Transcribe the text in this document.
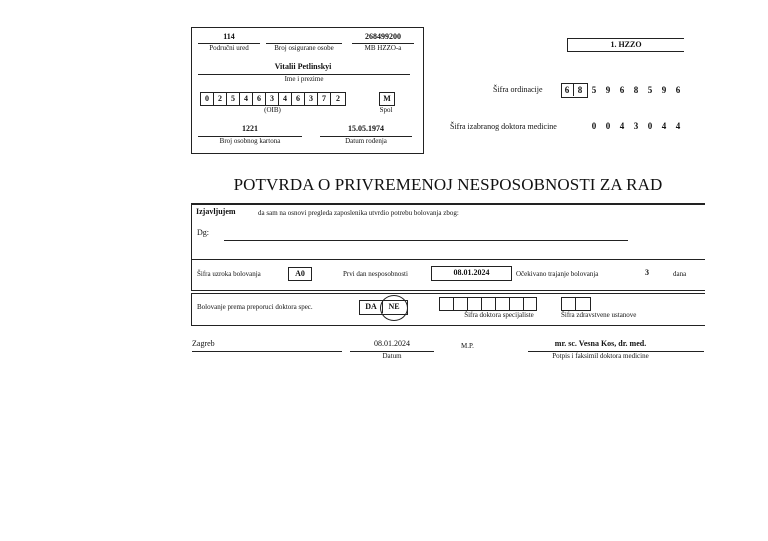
114
Područni ured	Broj osiguranе osobe
268499200
MB HZZO-a
Vitalii Petlinskyi
Ime i prezime
0	2	5	4	6	3	4	6	3	7	2
(OIB)
M
Spol
1221
Broj osobnog kartona
15.05.1974
Datum rođenja
1. HZZO
Šifra ordinacije	6 8	5	9	6	8	5	9	6
Šifra izabranog doktora medicine	0	0	4	3	0	4	4
POTVRDA O PRIVREMENOJ NESPOSOBNOSTI ZA RAD
Izjavljujem	da sam na osnovi pregleda zaposlenika utvrdio potrebu bolovanja zbog:
Dg:
Šifra uzroka bolovanja	A0	Prvi dan nesposobnosti	08.01.2024	Očekivano trajanje bolovanja	3	dana
Bolovanje prema preporuci doktora spec.	DA	NE
Šifra doktora specijaliste	Šifra zdravstvene ustanove
Zagreb	08.01.2024
Datum
M.P.	mr. sc. Vesna Kos, dr. med.
Potpis i faksimil doktora medicine
